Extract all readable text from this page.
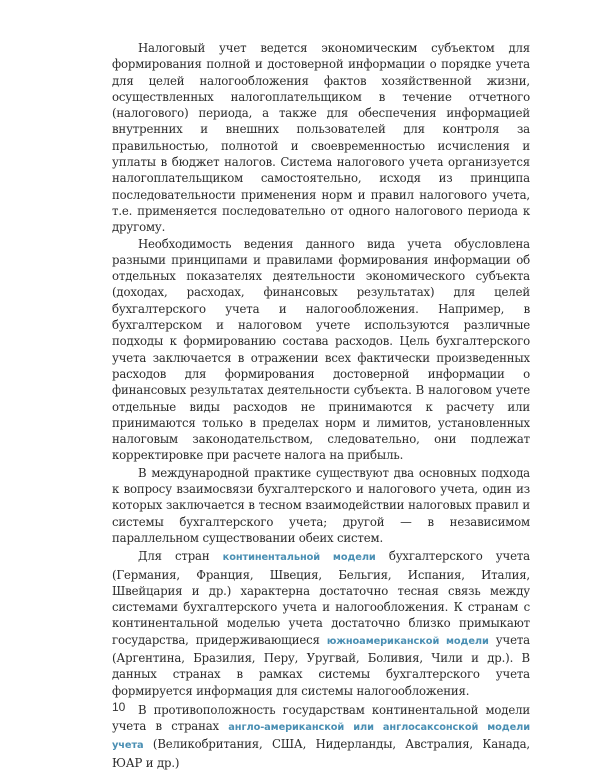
Налоговый учет ведется экономическим субъектом для формирования полной и достоверной информации о порядке учета для целей налогообложения фактов хозяйственной жизни, осуществленных налогоплательщиком в течение отчетного (налогового) периода, а также для обеспечения информацией внутренних и внешних пользователей для контроля за правильностью, полнотой и своевременностью исчисления и уплаты в бюджет налогов. Система налогового учета организуется налогоплательщиком самостоятельно, исходя из принципа последовательности применения норм и правил налогового учета, т.е. применяется последовательно от одного налогового периода к другому.

Необходимость ведения данного вида учета обусловлена разными принципами и правилами формирования информации об отдельных показателях деятельности экономического субъекта (доходах, расходах, финансовых результатах) для целей бухгалтерского учета и налогообложения. Например, в бухгалтерском и налоговом учете используются различные подходы к формированию состава расходов. Цель бухгалтерского учета заключается в отражении всех фактически произведенных расходов для формирования достоверной информации о финансовых результатах деятельности субъекта. В налоговом учете отдельные виды расходов не принимаются к расчету или принимаются только в пределах норм и лимитов, установленных налоговым законодательством, следовательно, они подлежат корректировке при расчете налога на прибыль.

В международной практике существуют два основных подхода к вопросу взаимосвязи бухгалтерского и налогового учета, один из которых заключается в тесном взаимодействии налоговых правил и системы бухгалтерского учета; другой — в независимом параллельном существовании обеих систем.

Для стран континентальной модели бухгалтерского учета (Германия, Франция, Швеция, Бельгия, Испания, Италия, Швейцария и др.) характерна достаточно тесная связь между системами бухгалтерского учета и налогообложения. К странам с континентальной моделью учета достаточно близко примыкают государства, придерживающиеся южноамериканской модели учета (Аргентина, Бразилия, Перу, Уругвай, Боливия, Чили и др.). В данных странах в рамках системы бухгалтерского учета формируется информация для системы налогообложения.

В противоположность государствам континентальной модели учета в странах англо-американской или англосаксонской модели учета (Великобритания, США, Нидерланды, Австралия, Канада, ЮАР и др.)

10
